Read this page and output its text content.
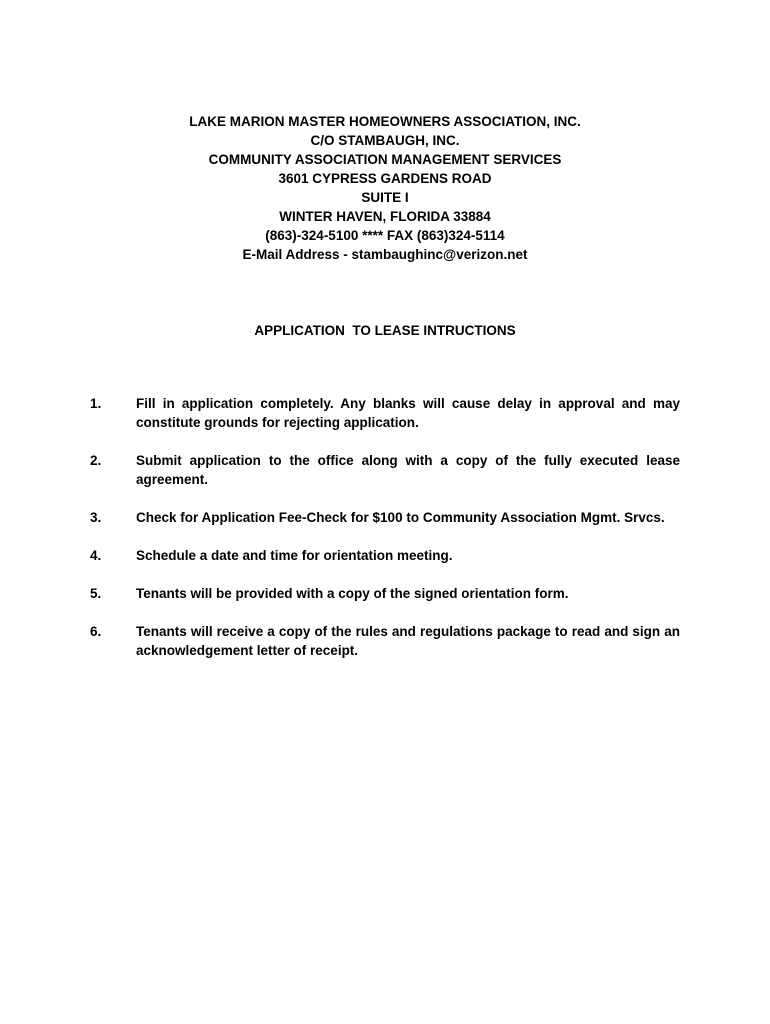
LAKE MARION MASTER HOMEOWNERS ASSOCIATION, INC.
C/O STAMBAUGH, INC.
COMMUNITY ASSOCIATION MANAGEMENT SERVICES
3601 CYPRESS GARDENS ROAD
SUITE I
WINTER HAVEN, FLORIDA 33884
(863)-324-5100 **** FAX (863)324-5114
E-Mail Address - stambaughinc@verizon.net
APPLICATION  TO LEASE INTRUCTIONS
1.	Fill in application completely. Any blanks will cause delay in approval and may constitute grounds for rejecting application.
2.	Submit application to the office along with a copy of the fully executed lease agreement.
3.	Check for Application Fee-Check for $100 to Community Association Mgmt. Srvcs.
4.	Schedule a date and time for orientation meeting.
5.	Tenants will be provided with a copy of the signed orientation form.
6.	Tenants will receive a copy of the rules and regulations package to read and sign an acknowledgement letter of receipt.
